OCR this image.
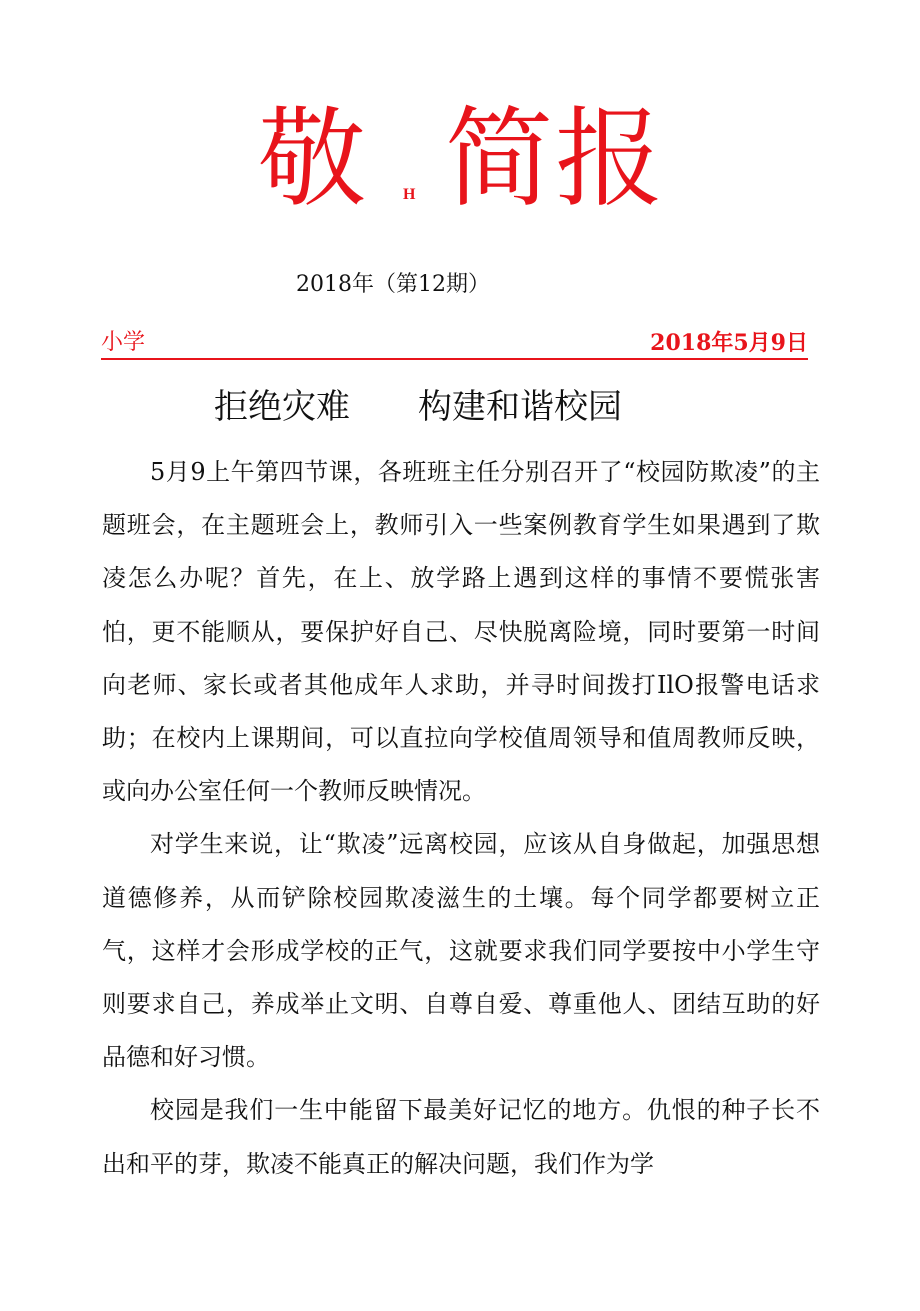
敬 H 简 报
2018年（第12期）
小学	2018年5月9日
拒绝灾难　　构建和谐校园

5月9上午第四节课，各班班主任分别召开了“校园防欺凌”的主题班会，在主题班会上，教师引入一些案例教育学生如果遇到了欺凌怎么办呢？首先，在上、放学路上遇到这样的事情不要慌张害怕，更不能顺从，要保护好自己、尽快脱离险境，同时要第一时间向老师、家长或者其他成年人求助，并寻时间拨打IlO报警电话求助；在校内上课期间，可以直拉向学校值周领导和值周教师反映，或向办公室任何一个教师反映情况。

对学生来说，让“欺凌”远离校园，应该从自身做起，加强思想道德修养，从而铲除校园欺凌滋生的土壤。每个同学都要树立正气，这样才会形成学校的正气，这就要求我们同学要按中小学生守则要求自己，养成举止文明、自尊自爱、尊重他人、团结互助的好品德和好习惯。

校园是我们一生中能留下最美好记忆的地方。仇恨的种子长不出和平的芽，欺凌不能真正的解决问题，我们作为学
